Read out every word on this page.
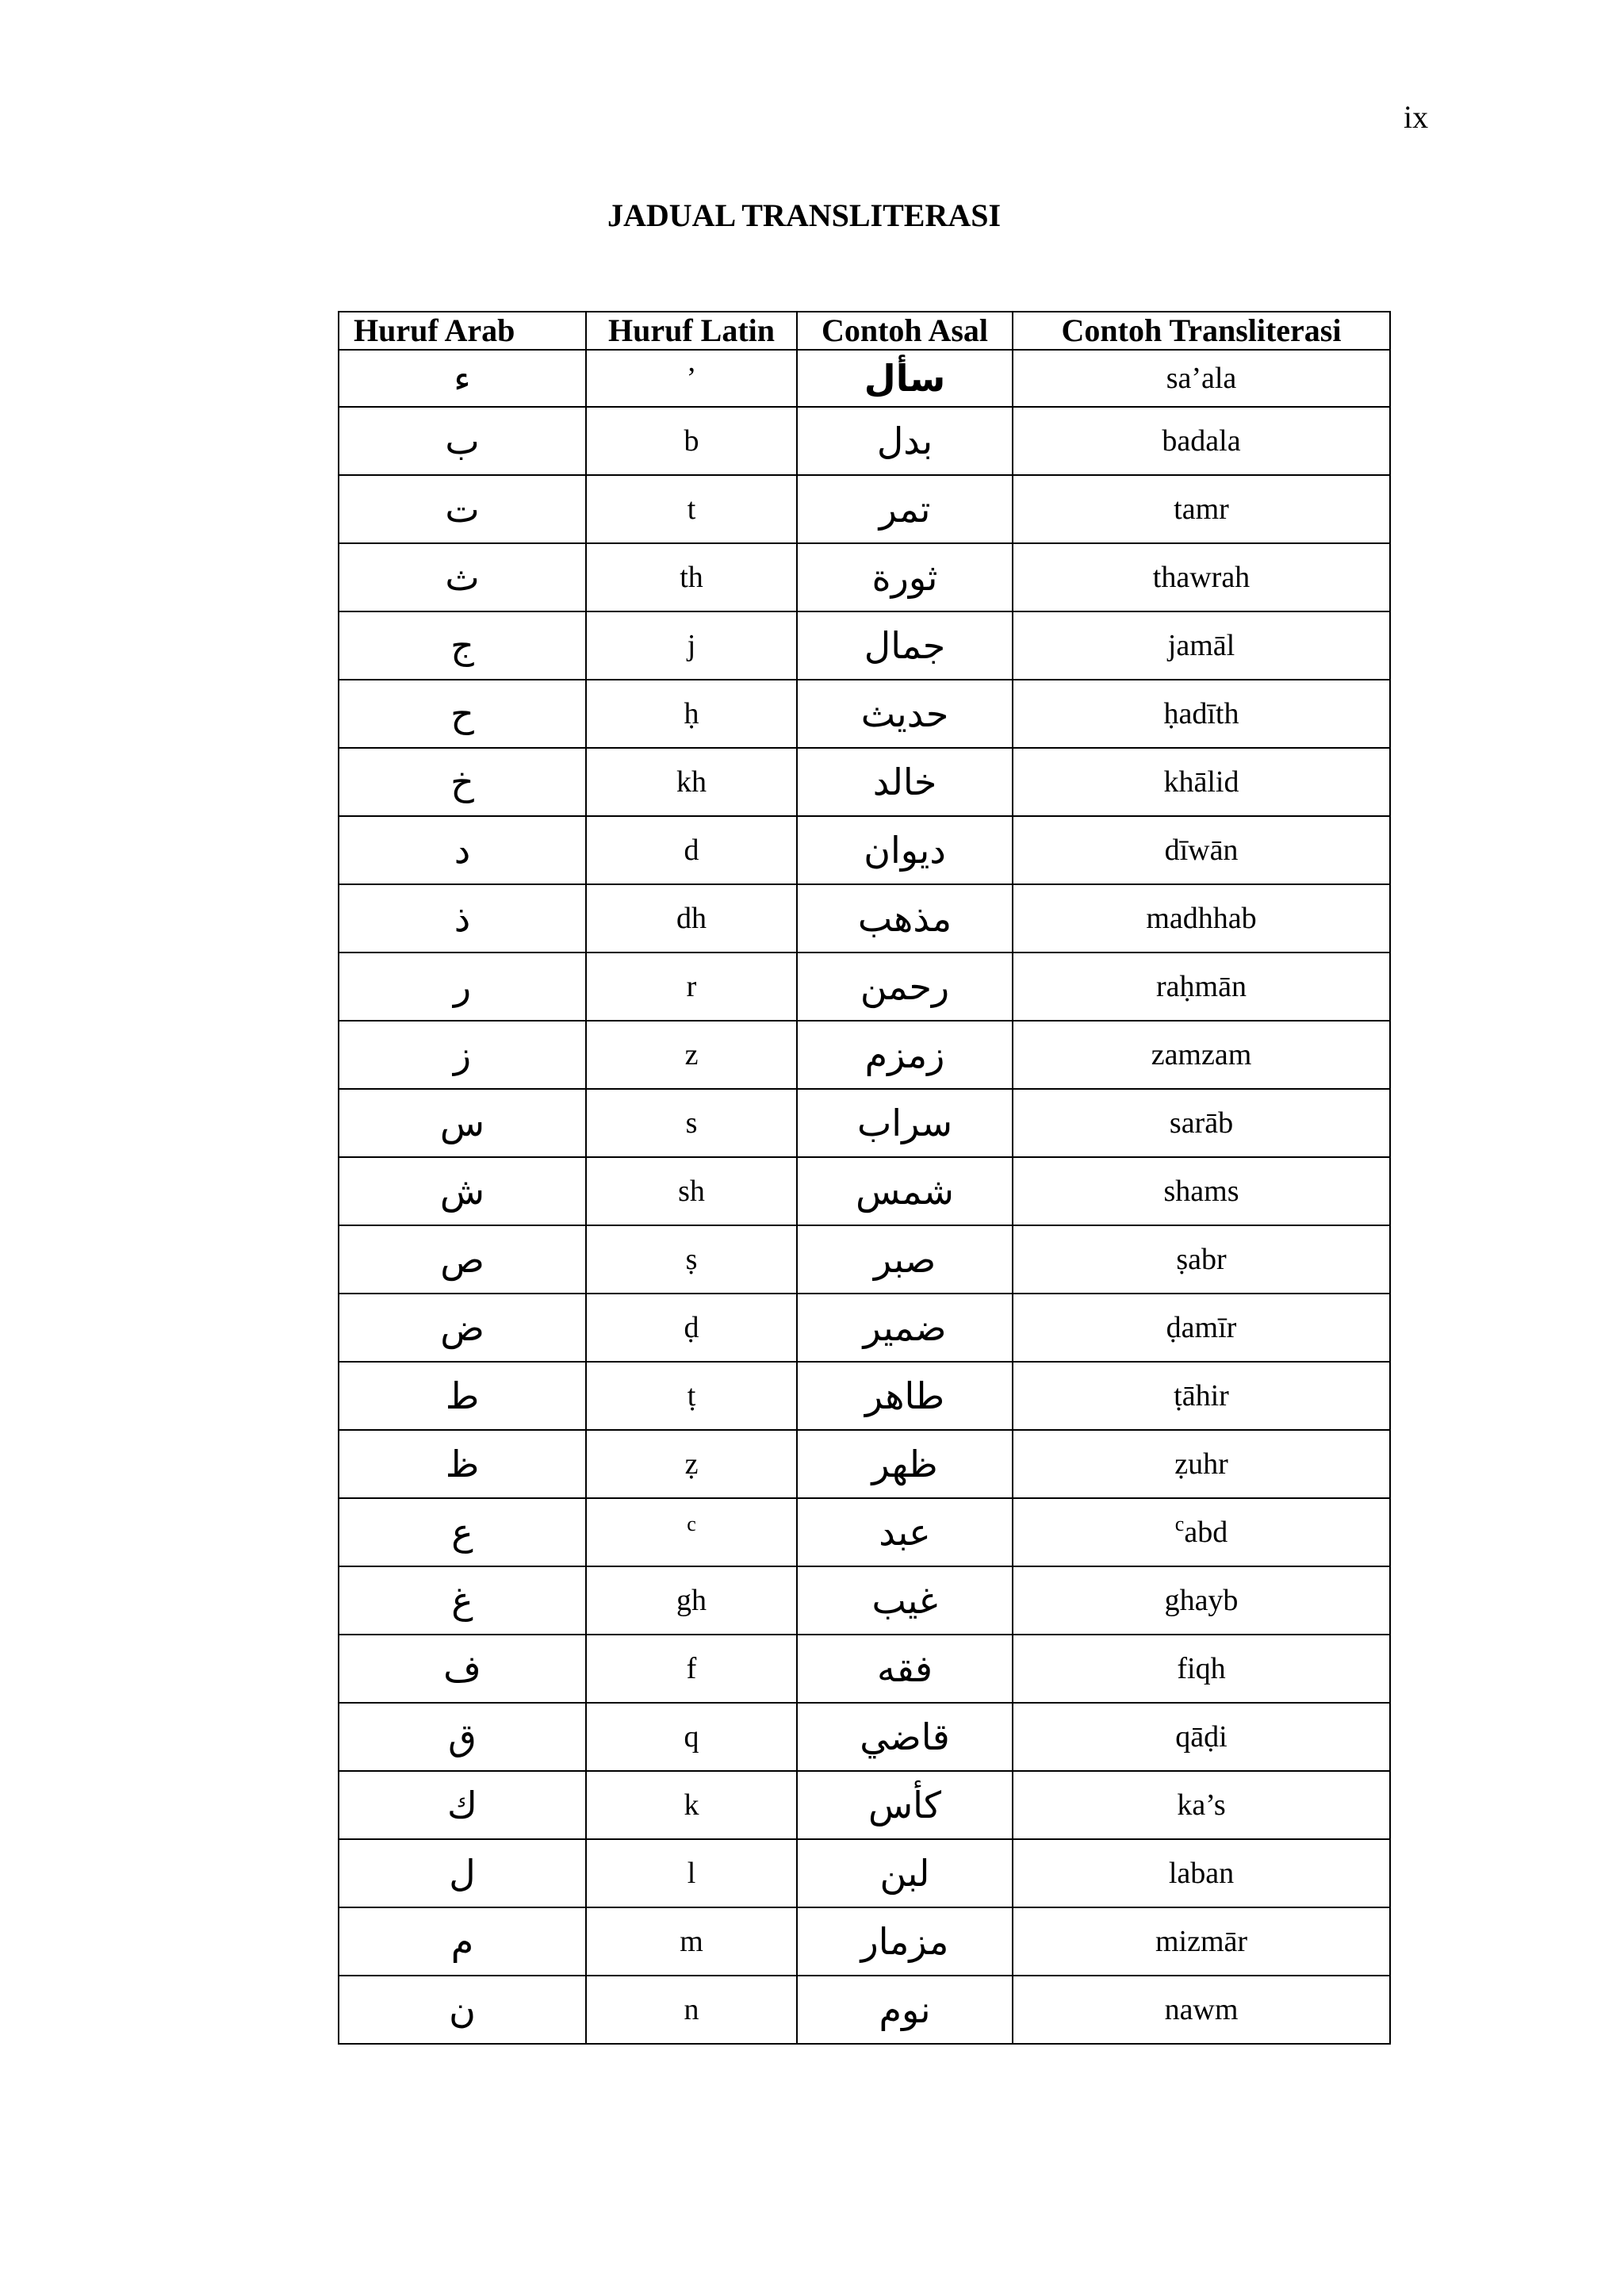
ix
JADUAL TRANSLITERASI
Huruf Arab	Huruf Latin	Contoh Asal	Contoh Transliterasi
ء	’	سأل	sa’ala
ب	b	بدل	badala
ت	t	تمر	tamr
ث	th	ثورة	thawrah
ج	j	جمال	jamāl
ح	ḥ	حديث	ḥadīth
خ	kh	خالد	khālid
د	d	ديوان	dīwān
ذ	dh	مذهب	madhhab
ر	r	رحمن	raḥmān
ز	z	زمزم	zamzam
س	s	سراب	sarāb
ش	sh	شمس	shams
ص	ṣ	صبر	ṣabr
ض	ḍ	ضمير	ḍamīr
ط	ṭ	طاهر	ṭāhir
ظ	ẓ	ظهر	ẓuhr
ع	$^c$	عبد	$^c$abd
غ	gh	غيب	ghayb
ف	f	فقه	fiqh
ق	q	قاضي	qāḍi
ك	k	كأس	ka’s
ل	l	لبن	laban
م	m	مزمار	mizmār
ن	n	نوم	nawm
